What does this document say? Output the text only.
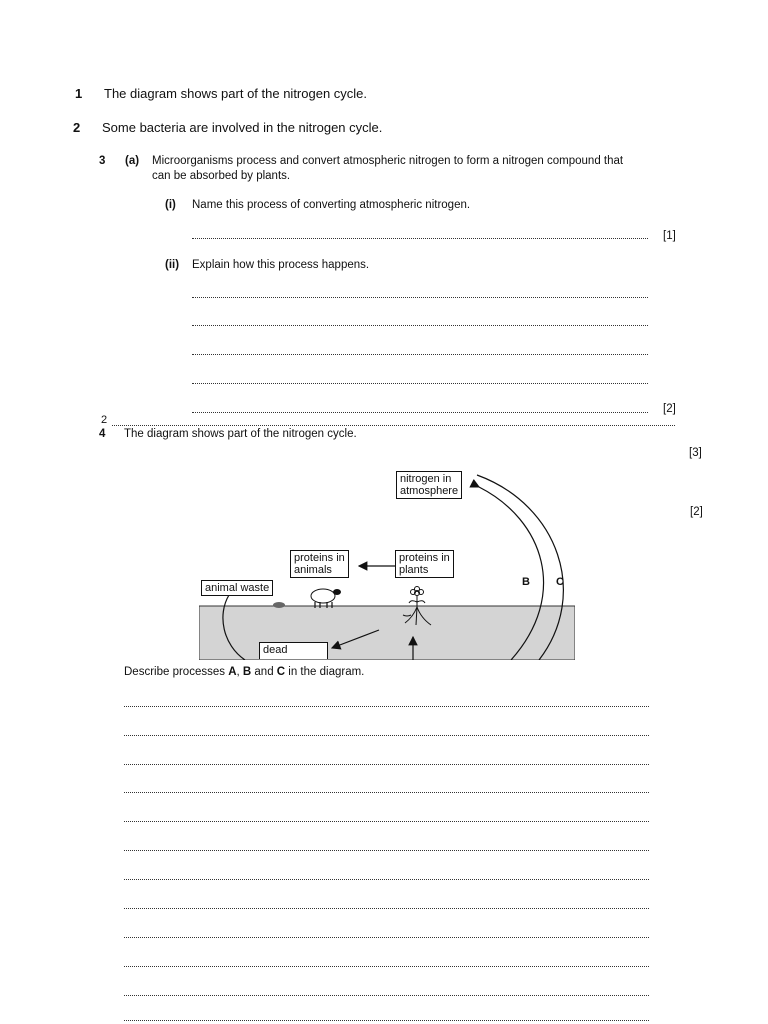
1 The diagram shows part of the nitrogen cycle.
2 Some bacteria are involved in the nitrogen cycle.
3 (a) Microorganisms process and convert atmospheric nitrogen to form a nitrogen compound that
can be absorbed by plants.
(i) Name this process of converting atmospheric nitrogen.
[1]
(ii) Explain how this process happens.
[2]
2
4 The diagram shows part of the nitrogen cycle.
[3]
[2]
nitrogen in
atmosphere
proteins in
animals
proteins in
plants
animal waste
dead
B C
Describe processes A, B and C in the diagram.
